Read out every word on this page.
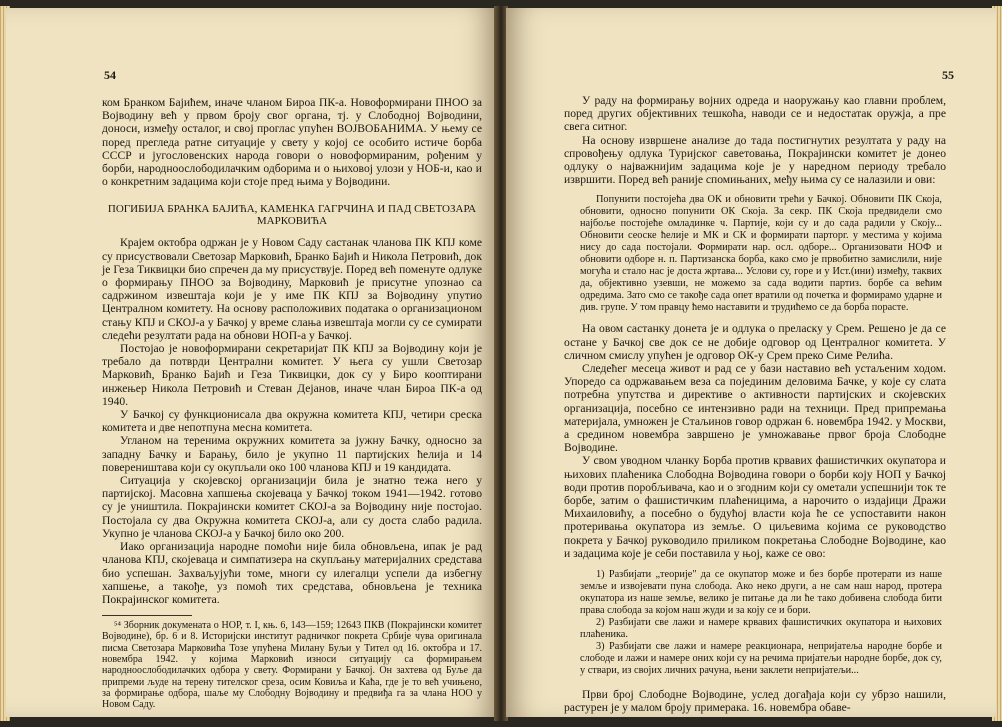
54

ком Бранком Бајићем, иначе чланом Бироа ПК-а. Новоформирани ПНОО за Војводину већ у првом броју свог органа, тј. у Слободној Војводини, доноси, између осталог, и свој проглас упућен ВОЈВОБАНИМА. У њему се поред прегледа ратне ситуације у свету у којој се особито истиче борба СССР и југословенских народа говори о новоформираним, рођеним у борби, народноослободилачким одборима и о њиховој улози у НОБ-и, као и о конкретним задацима који стоје пред њима у Војводини.

ПОГИБИЈА БРАНКА БАЈИЋА, КАМЕНКА ГАГРЧИНА И ПАД СВЕТОЗАРА МАРКОВИЋА

Крајем октобра одржан је у Новом Саду састанак чланова ПК КПЈ коме су присуствовали Светозар Марковић, Бранко Бајић и Никола Петровић, док је Геза Тиквицки био спречен да му присуствује. Поред већ поменуте одлуке о формирању ПНОО за Војводину, Марковић је присутне упознао са садржином извештаја који је у име ПК КПЈ за Војводину упутио Централном комитету. На основу расположивих података о организационом стању КПЈ и СКОЈ-а у Бачкој у време слања извештаја могли су се сумирати следећи резултати рада на обнови НОП-а у Бачкој.

Постојао је новоформирани секретаријат ПК КПЈ за Војводину који је требало да потврди Централни комитет. У њега су ушли Светозар Марковић, Бранко Бајић и Геза Тиквицки, док су у Биро кооптирани инжењер Никола Петровић и Стеван Дејанов, иначе члан Бироа ПК-а од 1940.

У Бачкој су функционисала два окружна комитета КПЈ, четири среска комитета и две непотпуна месна комитета.

Угланом на теренима окружних комитета за јужну Бачку, односно за западну Бачку и Барању, било је укупно 11 партијских ћелија и 14 повереништава који су окупљали око 100 чланова КПЈ и 19 кандидата.

Ситуација у скојевској организацији била је знатно тежа него у партијској. Масовна хапшења скојеваца у Бачкој током 1941—1942. готово су је уништила. Покрајински комитет СКОЈ-а за Војводину није постојао. Постојала су два Окружна комитета СКОЈ-а, али су доста слабо радила. Укупно је чланова СКОЈ-а у Бачкој било око 200.

Иако организација народне помоћи није била обновљена, ипак је рад чланова КПЈ, скојеваца и симпатизера на скупљању материјалних средстава био успешан. Захваљујући томе, многи су илегалци успели да избегну хапшење, а такође, уз помоћ тих средстава, обновљена је техника Покрајинског комитета.

⁵⁴ Зборник докумената о НОР, т. I, књ. 6, 143—159; 12643 ПКВ (Покрајински комитет Војводине), бр. 6 и 8. Историјски институт радничког покрета Србије чува оригинала писма Светозара Марковића Тозе упућена Милану Буљи у Тител од 16. октобра и 17. новембра 1942. у којима Марковић износи ситуацију са формирањем народноослободилачких одбора у свету. Формирани у Бачкој. Он захтева од Буље да припреми људе на терену тителског среза, осим Ковиља и Каћа, где је то већ учињено, за формирање одбора, шаље му Слободну Војводину и предвиђа га за члана НОО у Новом Саду.

55

У раду на формирању војних одреда и наоружању као главни проблем, поред других објективних тешкоћа, наводи се и недостатак оружја, а пре свега ситног.

На основу извршене анализе до тада постигнутих резултата у раду на спровођењу одлука Туријског саветовања, Покрајински комитет је донео одлуку о најважнијим задацима које је у наредном периоду требало извршити. Поред већ раније спомињаних, међу њима су се налазили и ови:

Попунити постојећа два ОК и обновити трећи у Бачкој. Обновити ПК Скоја, обновити, односно попунити ОК Скоја. За секр. ПК Скоја предвидели смо најбоље постојеће омладинке ч. Партије, који су и до сада радили у Скоју... Обновити сеоске ћелије и МК и СК и формирати парторг. у местима у којима нису до сада постојали. Формирати нар. осл. одборе... Организовати НОФ и обновити одборе н. п. Партизанска борба, како смо је првобитно замислили, није могућа и стало нас је доста жртава... Услови су, горе и у Ист.(ини) између, таквих да, објективно узевши, не можемо за сада водити партиз. борбе са већим одредима. Зато смо се такође сада опет вратили од почетка и формирамо ударне и див. групе. У том правцу ћемо наставити и трудићемо се да борба порасте.

На овом састанку донета је и одлука о преласку у Срем. Решено је да се остане у Бачкој све док се не добије одговор од Централног комитета. У сличном смислу упућен је одговор ОК-у Срем преко Симе Релића.

Следећег месеца живот и рад се у бази наставио већ устаљеним ходом. Упоредо са одржавањем веза са појединим деловима Бачке, у које су слата потребна упутства и директиве о активности партијских и скојевских организација, посебно се интензивно ради на техници. Пред припремања материјала, умножен је Стаљинов говор одржан 6. новембра 1942. у Москви, а средином новембра завршено је умножавање првог броја Слободне Војводине.

У свом уводном чланку Борба против крвавих фашистичких окупатора и њихових плаћеника Слободна Војводина говори о борби коју НОП у Бачкој води против поробљивача, као и о згодним који су ометали успешнији ток те борбе, затим о фашистичким плаћеницима, а нарочито о издајици Дражи Михаиловићу, а посебно о будућој власти која ће се успоставити након протеривања окупатора из земље. О циљевима којима се руководство покрета у Бачкој руководило приликом покретања Слободне Војводине, као и задацима које је себи поставила у њој, каже се ово:

1) Разбијати „теорије" да се окупатор може и без борбе протерати из наше земље и извојевати пуна слобода. Ако неко други, а не сам наш народ, протера окупатора из наше земље, велико је питање да ли ће тако добивена слобода бити права слобода за којом наш жуди и за коју се и бори.

2) Разбијати све лажи и намере крвавих фашистичких окупатора и њихових плаћеника.

3) Разбијати све лажи и намере реакционара, непријатеља народне борбе и слободе и лажи и намере оних који су на речима пријатељи народне борбе, док су, у ствари, из својих личних рачуна, њени заклети непријатељи...

Први број Слободне Војводине, услед догађаја који су убрзо нашили, растурен је у малом броју примерака. 16. новембра обаве-
